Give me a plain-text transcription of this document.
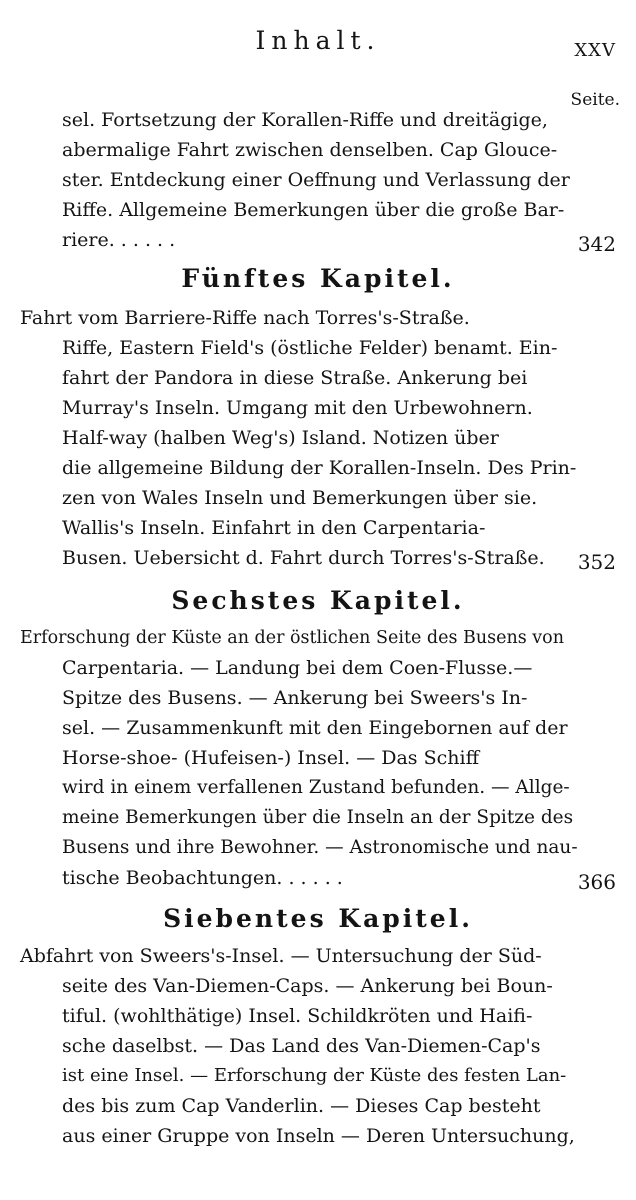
Inhalt.	XXV
Seite.
sel. Fortsetzung der Korallen-Riffe und dreitägige,
abermalige Fahrt zwischen denselben. Cap Glouce-
ster. Entdeckung einer Oeffnung und Verlassung der
Riffe. Allgemeine Bemerkungen über die große Bar-
riere. . . . . .	342
Fünftes Kapitel.
Fahrt vom Barriere-Riffe nach Torres's-Straße.
Riffe, Eastern Field's (östliche Felder) benamt. Ein-
fahrt der Pandora in diese Straße. Ankerung bei
Murray's Inseln. Umgang mit den Urbewohnern.
Half-way (halben Weg's) Island. Notizen über
die allgemeine Bildung der Korallen-Inseln. Des Prin-
zen von Wales Inseln und Bemerkungen über sie.
Wallis's Inseln. Einfahrt in den Carpentaria-
Busen. Uebersicht d. Fahrt durch Torres's-Straße. 352
Sechstes Kapitel.
Erforschung der Küste an der östlichen Seite des Busens von
Carpentaria. — Landung bei dem Coen-Flusse.—
Spitze des Busens. — Ankerung bei Sweers's In-
sel. — Zusammenkunft mit den Eingebornen auf der
Horse-shoe- (Hufeisen-) Insel. — Das Schiff
wird in einem verfallenen Zustand befunden. — Allge-
meine Bemerkungen über die Inseln an der Spitze des
Busens und ihre Bewohner. — Astronomische und nau-
tische Beobachtungen. . . . . .	366
Siebentes Kapitel.
Abfahrt von Sweers's-Insel. — Untersuchung der Süd-
seite des Van-Diemen-Caps. — Ankerung bei Boun-
tiful. (wohlthätige) Insel. Schildkröten und Haifi-
sche daselbst. — Das Land des Van-Diemen-Cap's
ist eine Insel. — Erforschung der Küste des festen Lan-
des bis zum Cap Vanderlin. — Dieses Cap besteht
aus einer Gruppe von Inseln — Deren Untersuchung,
